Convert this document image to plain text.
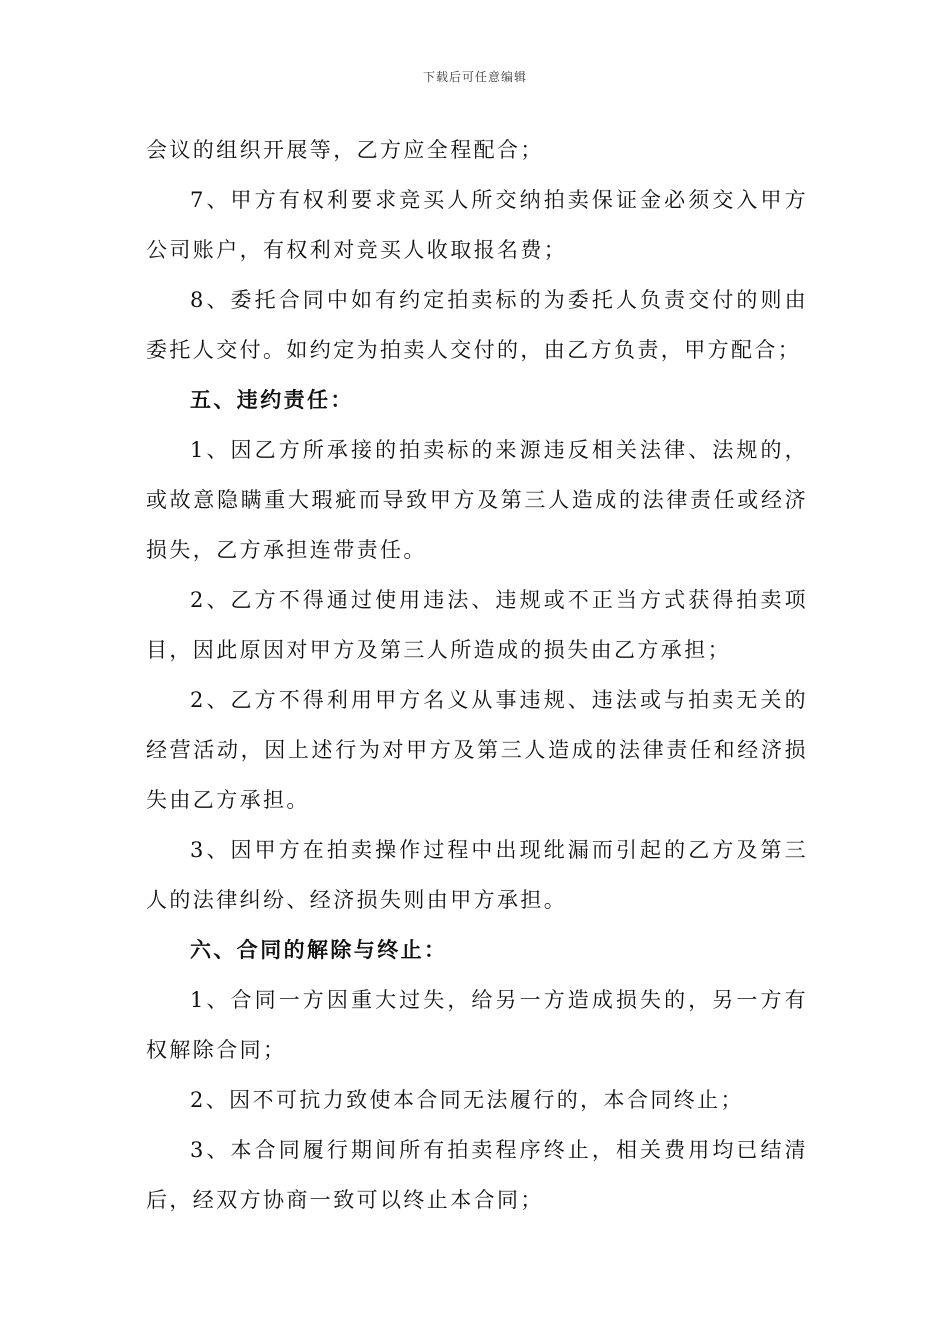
下载后可任意编辑

会议的组织开展等，乙方应全程配合；

7、甲方有权利要求竞买人所交纳拍卖保证金必须交入甲方公司账户，有权利对竞买人收取报名费；

8、委托合同中如有约定拍卖标的为委托人负责交付的则由委托人交付。如约定为拍卖人交付的，由乙方负责，甲方配合；

五、违约责任：

1、因乙方所承接的拍卖标的来源违反相关法律、法规的，或故意隐瞒重大瑕疵而导致甲方及第三人造成的法律责任或经济损失，乙方承担连带责任。

2、乙方不得通过使用违法、违规或不正当方式获得拍卖项目，因此原因对甲方及第三人所造成的损失由乙方承担；

2、乙方不得利用甲方名义从事违规、违法或与拍卖无关的经营活动，因上述行为对甲方及第三人造成的法律责任和经济损失由乙方承担。

3、因甲方在拍卖操作过程中出现纰漏而引起的乙方及第三人的法律纠纷、经济损失则由甲方承担。

六、合同的解除与终止：

1、合同一方因重大过失，给另一方造成损失的，另一方有权解除合同；

2、因不可抗力致使本合同无法履行的，本合同终止；

3、本合同履行期间所有拍卖程序终止，相关费用均已结清后，经双方协商一致可以终止本合同；
